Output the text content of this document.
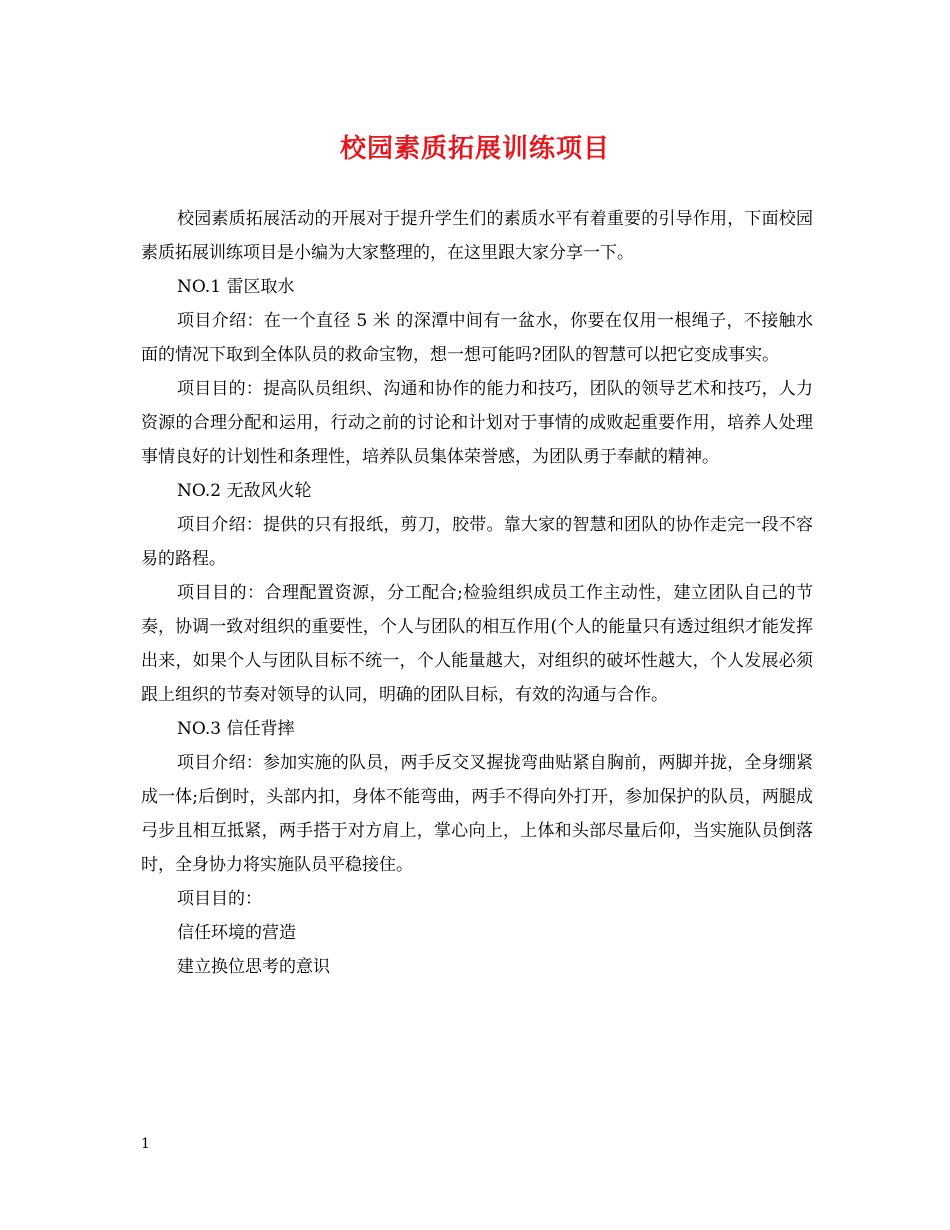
校园素质拓展训练项目

校园素质拓展活动的开展对于提升学生们的素质水平有着重要的引导作用，下面校园素质拓展训练项目是小编为大家整理的，在这里跟大家分享一下。

NO.1 雷区取水

项目介绍：在一个直径 5 米 的深潭中间有一盆水，你要在仅用一根绳子，不接触水面的情况下取到全体队员的救命宝物，想一想可能吗?团队的智慧可以把它变成事实。

项目目的：提高队员组织、沟通和协作的能力和技巧，团队的领导艺术和技巧，人力资源的合理分配和运用，行动之前的讨论和计划对于事情的成败起重要作用，培养人处理事情良好的计划性和条理性，培养队员集体荣誉感，为团队勇于奉献的精神。

NO.2 无敌风火轮

项目介绍：提供的只有报纸，剪刀，胶带。靠大家的智慧和团队的协作走完一段不容易的路程。

项目目的：合理配置资源，分工配合;检验组织成员工作主动性，建立团队自己的节奏，协调一致对组织的重要性，个人与团队的相互作用(个人的能量只有透过组织才能发挥出来，如果个人与团队目标不统一，个人能量越大，对组织的破坏性越大，个人发展必须跟上组织的节奏对领导的认同，明确的团队目标，有效的沟通与合作。

NO.3 信任背摔

项目介绍：参加实施的队员，两手反交叉握拢弯曲贴紧自胸前，两脚并拢，全身绷紧成一体;后倒时，头部内扣，身体不能弯曲，两手不得向外打开，参加保护的队员，两腿成弓步且相互抵紧，两手搭于对方肩上，掌心向上，上体和头部尽量后仰，当实施队员倒落时，全身协力将实施队员平稳接住。

项目目的：

信任环境的营造

建立换位思考的意识

1
